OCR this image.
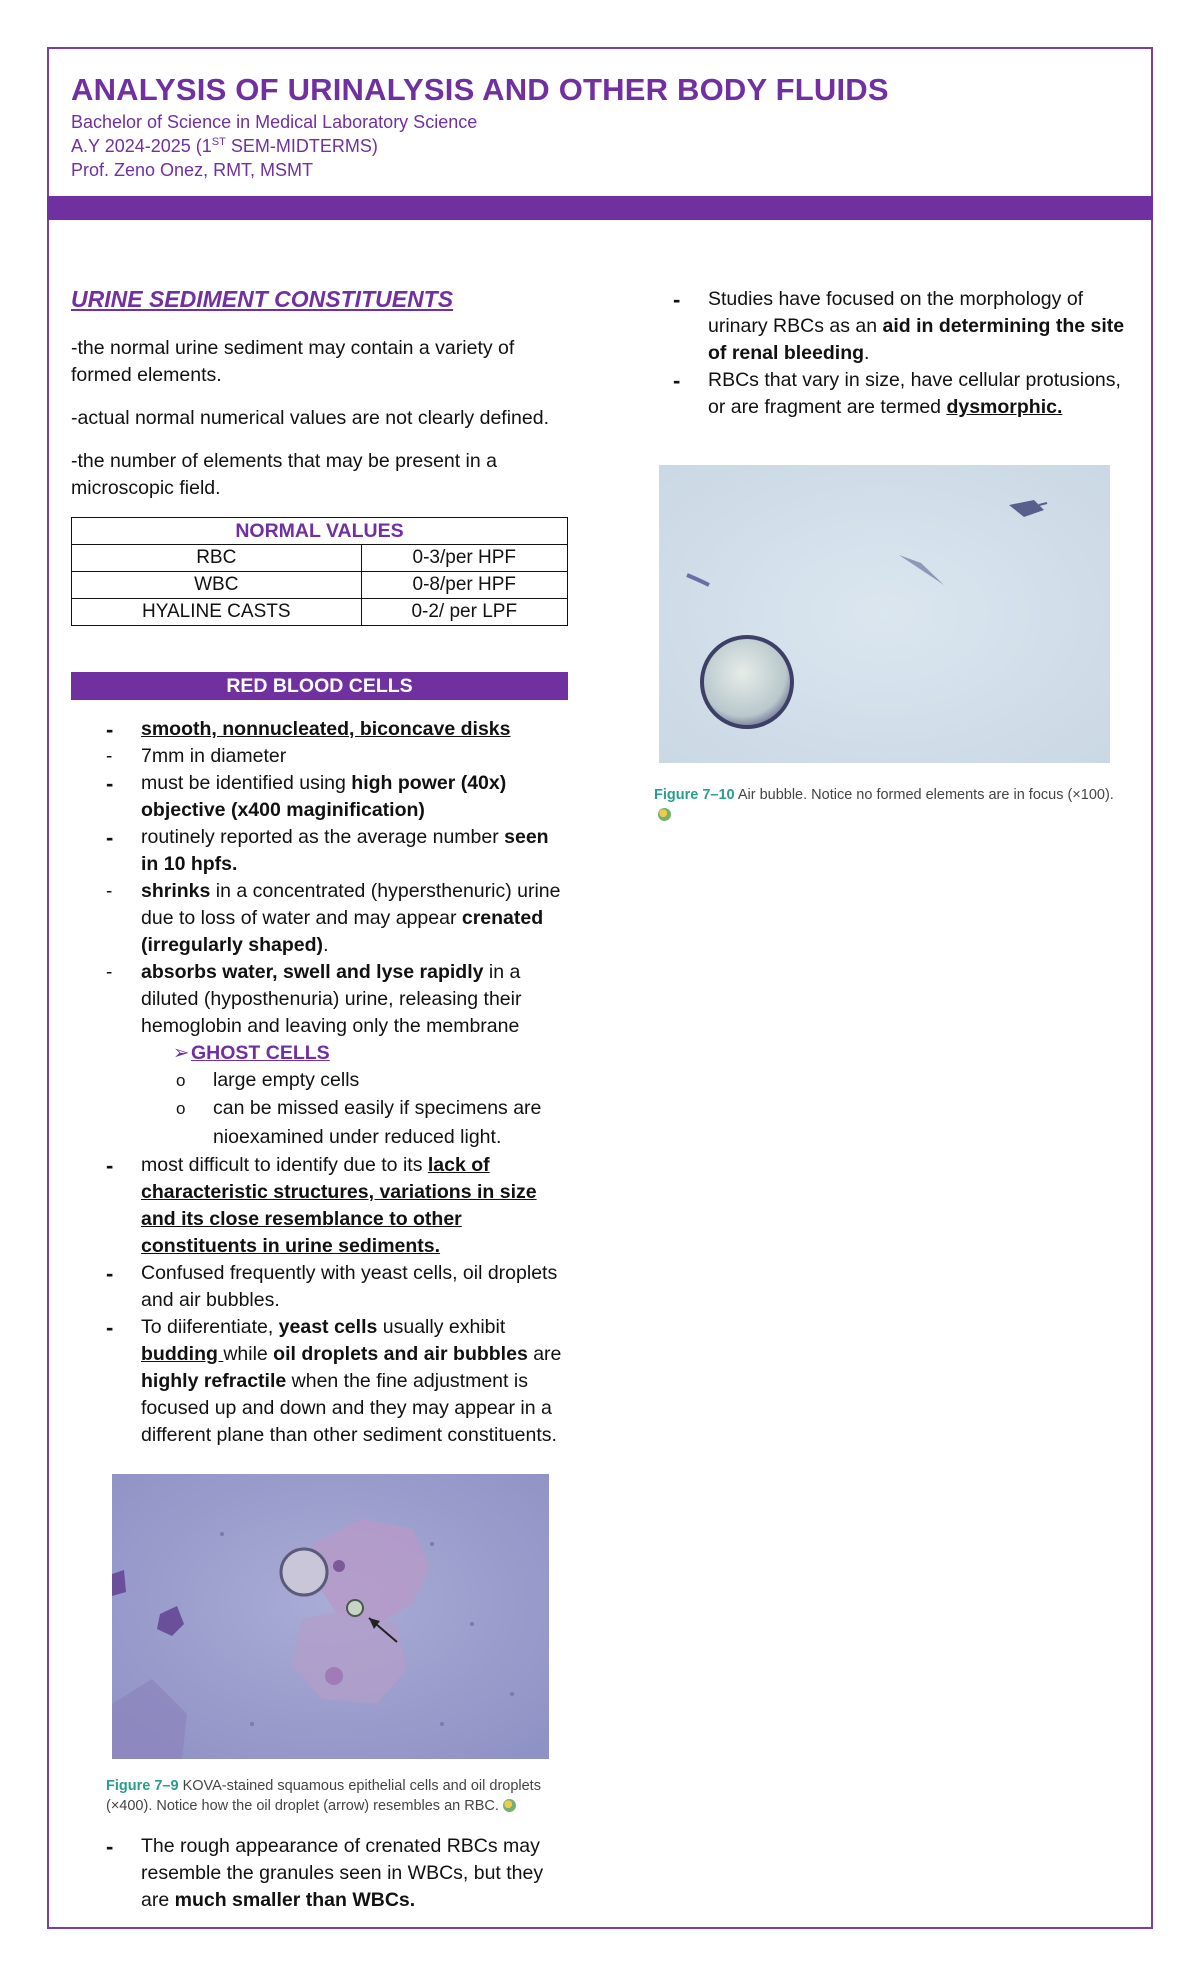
ANALYSIS OF URINALYSIS AND OTHER BODY FLUIDS
Bachelor of Science in Medical Laboratory Science
A.Y 2024-2025 (1ST SEM-MIDTERMS)
Prof. Zeno Onez, RMT, MSMT
URINE SEDIMENT CONSTITUENTS
-the normal urine sediment may contain a variety of formed elements.
-actual normal numerical values are not clearly defined.
-the number of elements that may be present in a microscopic field.
NORMAL VALUES	
RBC	0-3/per HPF
WBC	0-8/per HPF
HYALINE CASTS	0-2/ per LPF
RED BLOOD CELLS

- smooth, nonnucleated, biconcave disks

- 7mm in diameter

- must be identified using high power (40x) objective (x400 maginification)

- routinely reported as the average number seen in 10 hpfs.

- shrinks in a concentrated (hypersthenuric) urine due to loss of water and may appear crenated (irregularly shaped).

- absorbs water, swell and lyse rapidly in a diluted (hyposthenuria) urine, releasing their hemoglobin and leaving only the membrane

➢ GHOST CELLS

o large empty cells

o can be missed easily if specimens are nioexamined under reduced light.

- most difficult to identify due to its lack of characteristic structures, variations in size and its close resemblance to other constituents in urine sediments.

- Confused frequently with yeast cells, oil droplets and air bubbles.

- To diiferentiate, yeast cells usually exhibit budding while oil droplets and air bubbles are highly refractile when the fine adjustment is focused up and down and they may appear in a different plane than other sediment constituents.

Figure 7–9 KOVA-stained squamous epithelial cells and oil droplets (×400). Notice how the oil droplet (arrow) resembles an RBC.

- The rough appearance of crenated RBCs may resemble the granules seen in WBCs, but they are much smaller than WBCs.

- Studies have focused on the morphology of urinary RBCs as an aid in determining the site of renal bleeding.

- RBCs that vary in size, have cellular protusions, or are fragment are termed dysmorphic.

Figure 7–10 Air bubble. Notice no formed elements are in focus (×100).
